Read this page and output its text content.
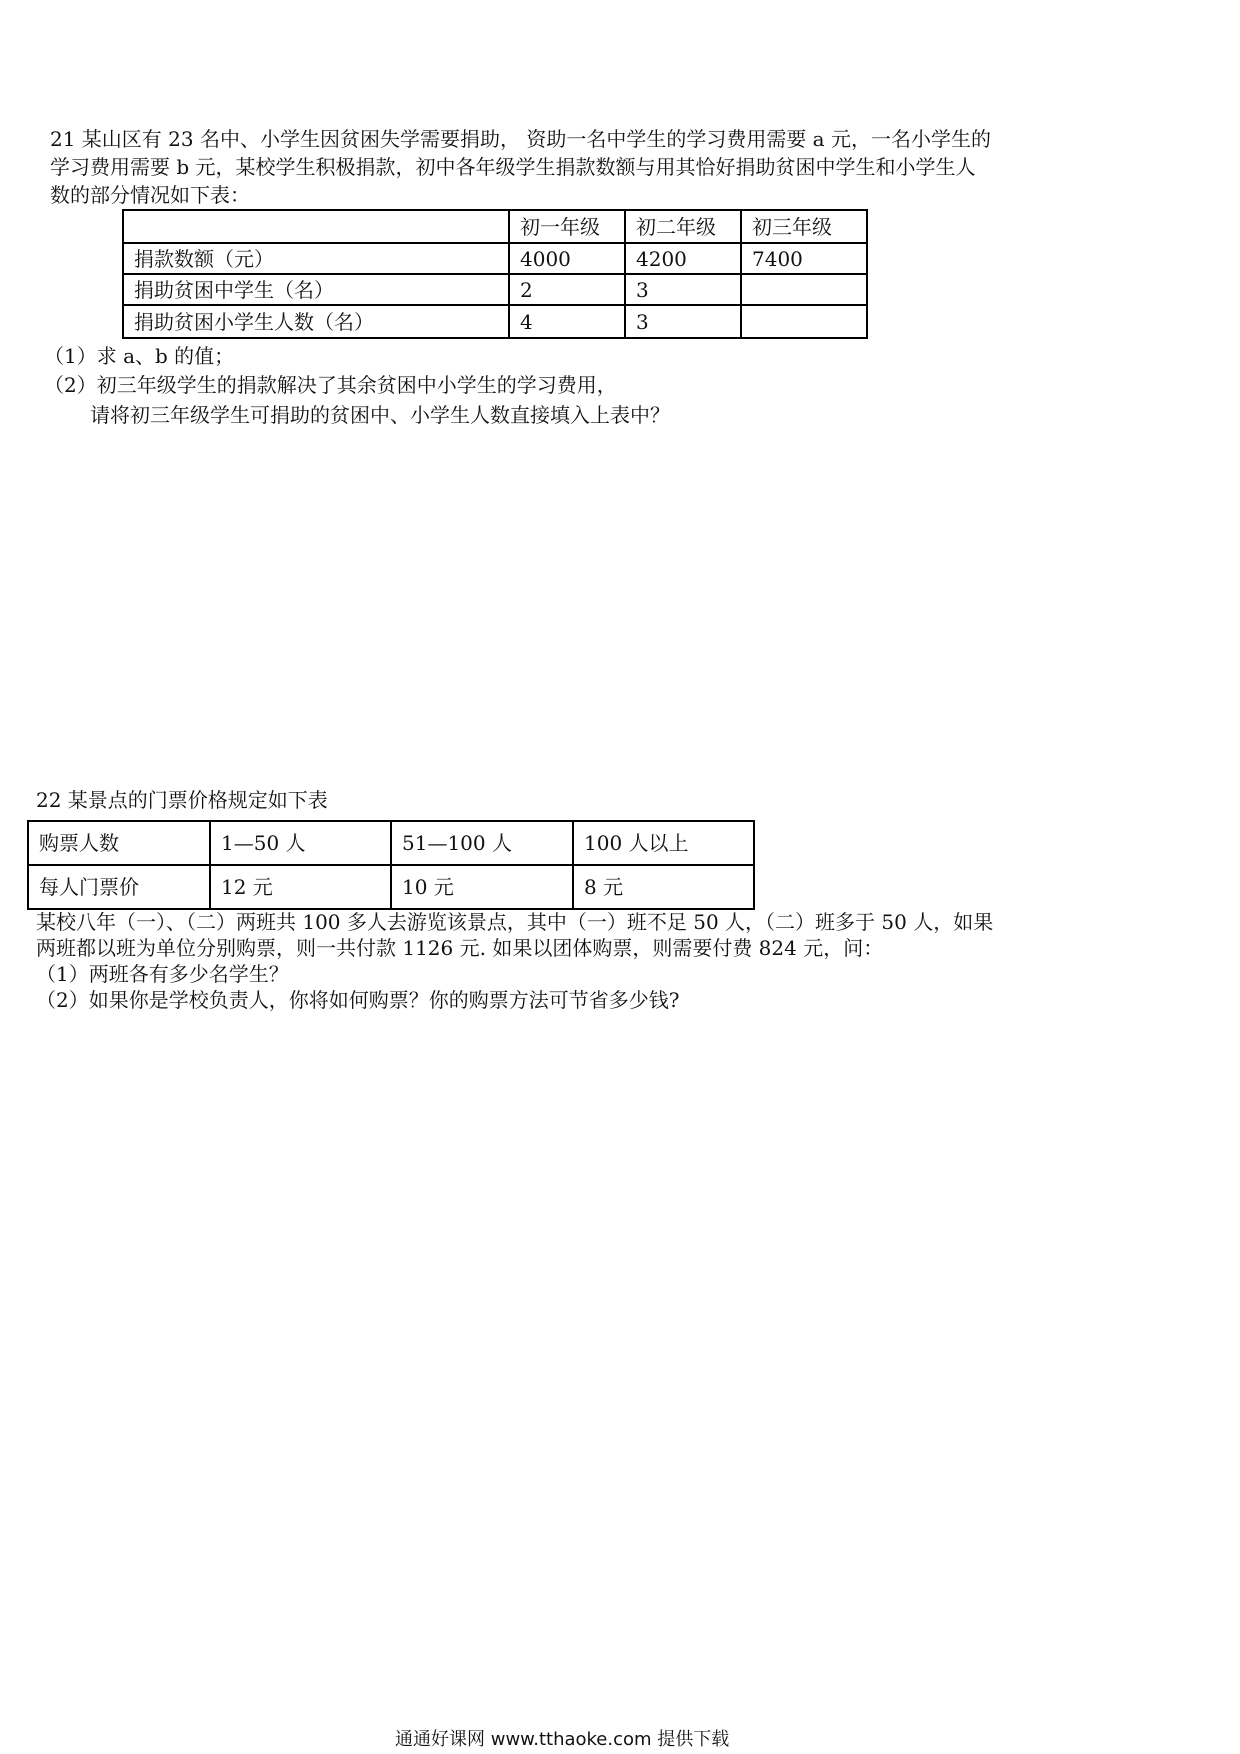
21 某山区有 23 名中、小学生因贫困失学需要捐助， 资助一名中学生的学习费用需要 a 元，一名小学生的
学习费用需要 b 元，某校学生积极捐款，初中各年级学生捐款数额与用其恰好捐助贫困中学生和小学生人
数的部分情况如下表：
	初一年级	初二年级	初三年级
捐款数额（元）	4000	4200	7400
捐助贫困中学生（名）	2	3	
捐助贫困小学生人数（名）	4	3	
（1）求 a、b 的值；
（2）初三年级学生的捐款解决了其余贫困中小学生的学习费用，
请将初三年级学生可捐助的贫困中、小学生人数直接填入上表中？
22 某景点的门票价格规定如下表
购票人数	1—50 人	51—100 人	100 人以上
每人门票价	12 元	10 元	8 元
某校八年（一）、（二）两班共 100 多人去游览该景点，其中（一）班不足 50 人，（二）班多于 50 人，如果
两班都以班为单位分别购票，则一共付款 1126 元. 如果以团体购票，则需要付费 824 元，问：
（1）两班各有多少名学生？
（2）如果你是学校负责人，你将如何购票？你的购票方法可节省多少钱?
通通好课网 www.tthaoke.com 提供下载
